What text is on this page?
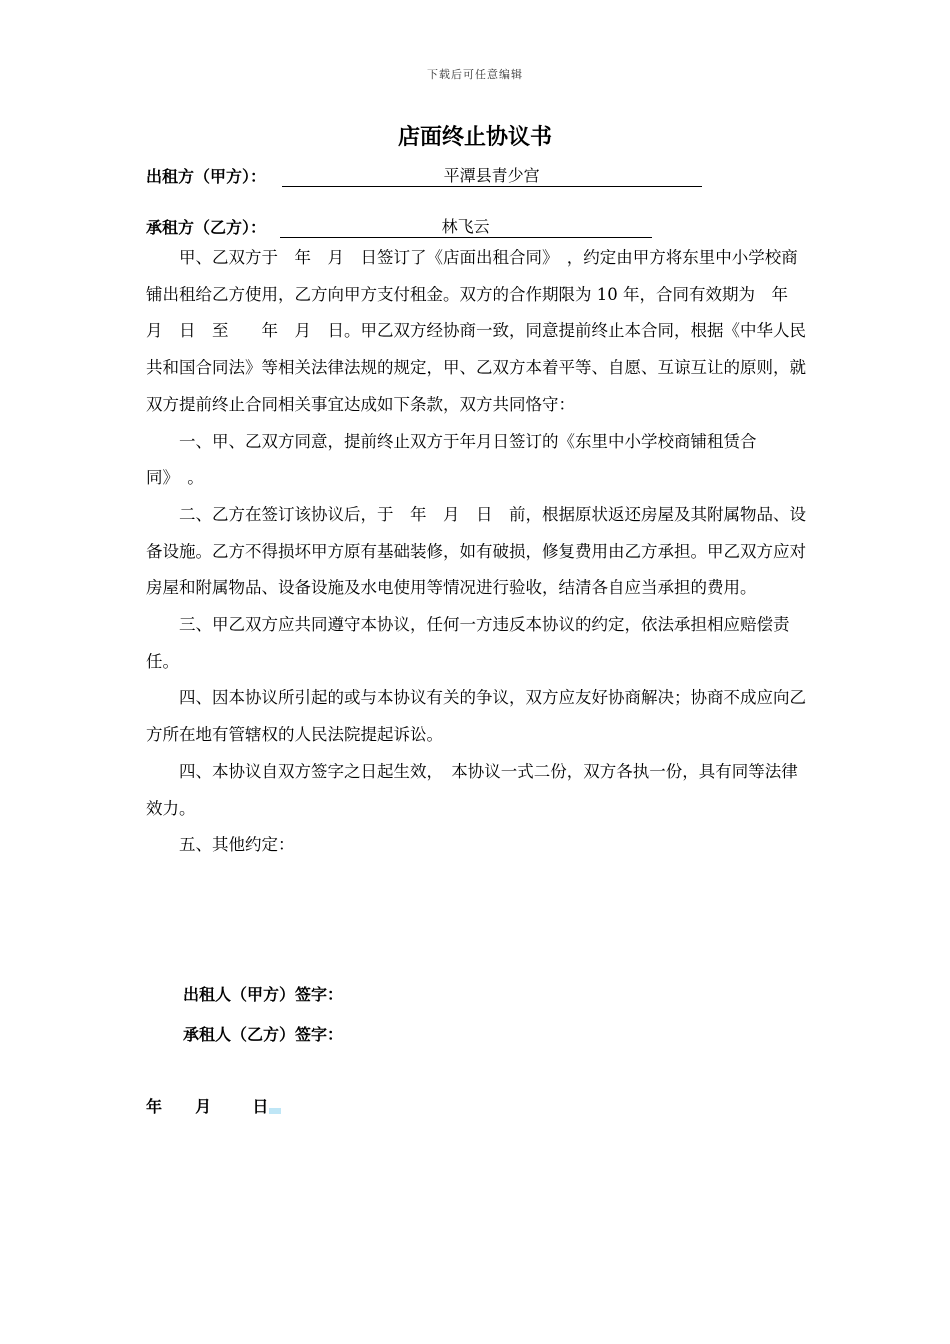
下载后可任意编辑
店面终止协议书
出租方（甲方）：	平潭县青少宫
承租方（乙方）：	林飞云

甲、乙双方于　年　月　日签订了《店面出租合同》　，约定由甲方将东里中小学校商铺出租给乙方使用，乙方向甲方支付租金。双方的合作期限为 10 年，合同有效期为　年　月　日　至　　年　月　日。甲乙双方经协商一致，同意提前终止本合同，根据《中华人民共和国合同法》等相关法律法规的规定，甲、乙双方本着平等、自愿、互谅互让的原则，就双方提前终止合同相关事宜达成如下条款，双方共同恪守：

一、甲、乙双方同意，提前终止双方于年月日签订的《东里中小学校商铺租赁合同》　。

二、乙方在签订该协议后，于　年　月　日　前，根据原状返还房屋及其附属物品、设备设施。乙方不得损坏甲方原有基础装修，如有破损，修复费用由乙方承担。甲乙双方应对房屋和附属物品、设备设施及水电使用等情况进行验收，结清各自应当承担的费用。

三、甲乙双方应共同遵守本协议，任何一方违反本协议的约定，依法承担相应赔偿责任。

四、因本协议所引起的或与本协议有关的争议，双方应友好协商解决；协商不成应向乙方所在地有管辖权的人民法院提起诉讼。

四、本协议自双方签字之日起生效，　本协议一式二份，双方各执一份，具有同等法律效力。

五、其他约定：

出租人（甲方）签字：
承租人（乙方）签字：
年 月	日
